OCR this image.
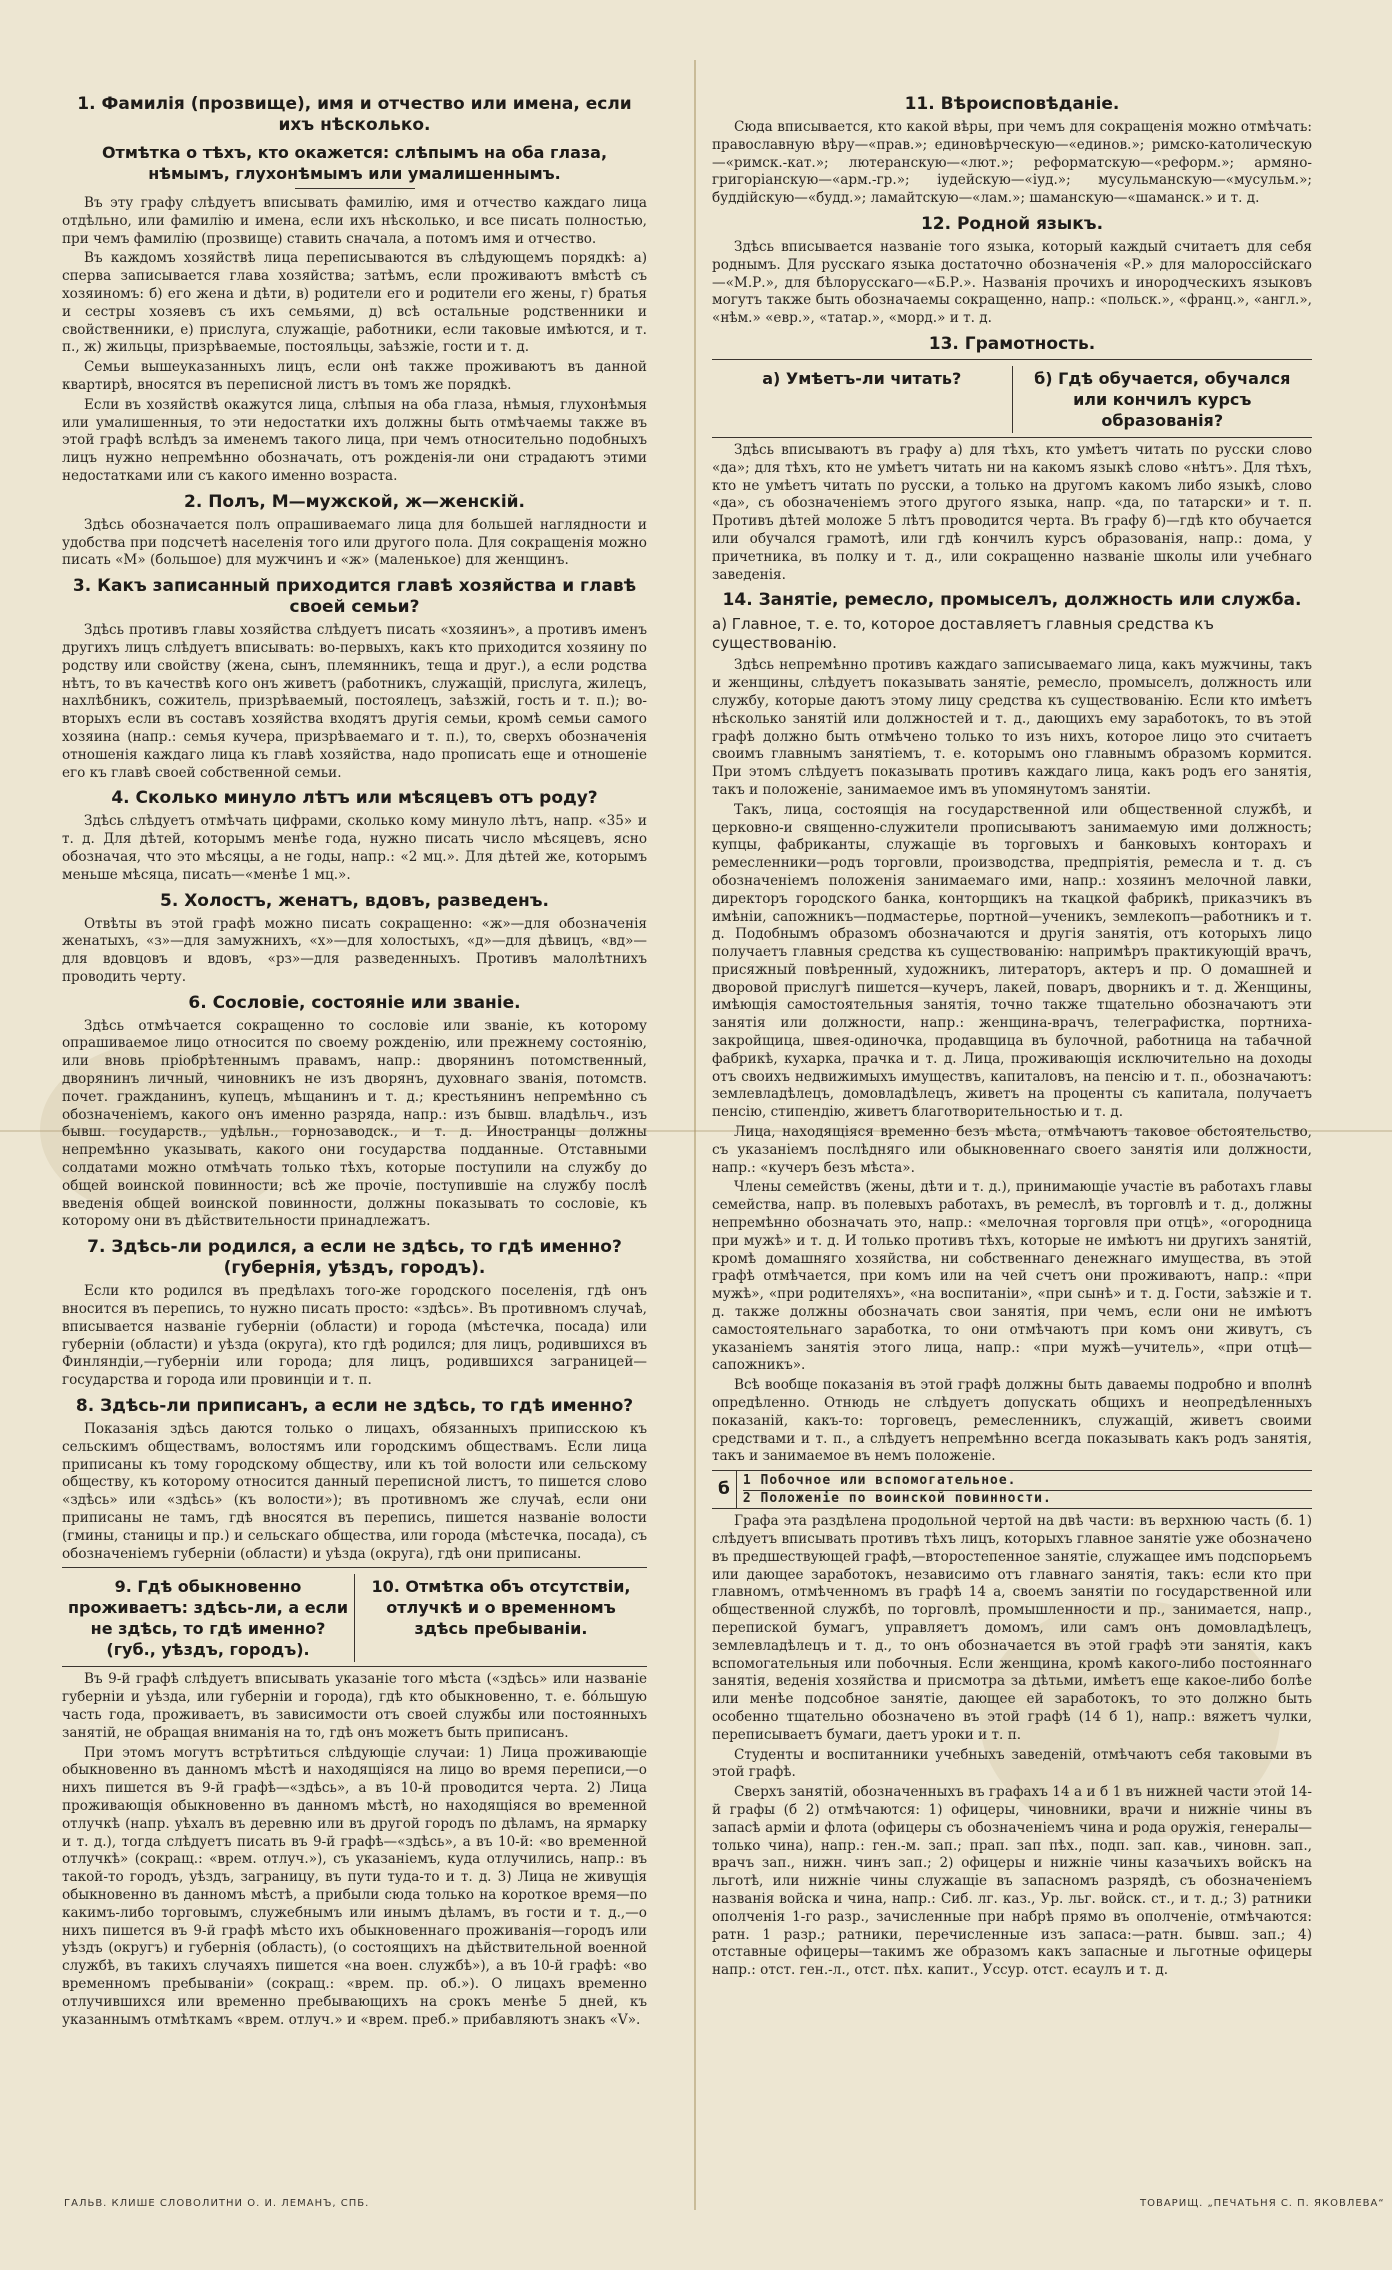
1. Фамилія (прозвище), имя и отчество или имена, если ихъ нѣсколько.
Отмѣтка о тѣхъ, кто окажется: слѣпымъ на оба глаза, нѣмымъ, глухонѣмымъ или умалишеннымъ.

Въ эту графу слѣдуетъ вписывать фамилію, имя и отчество каждаго лица отдѣльно, или фамилію и имена, если ихъ нѣсколько, и все писать полностью, при чемъ фамилію (прозвище) ставить сначала, а потомъ имя и отчество.

Въ каждомъ хозяйствѣ лица переписываются въ слѣдующемъ порядкѣ: а) сперва записывается глава хозяйства; затѣмъ, если проживаютъ вмѣстѣ съ хозяиномъ: б) его жена и дѣти, в) родители его и родители его жены, г) братья и сестры хозяевъ съ ихъ семьями, д) всѣ остальные родственники и свойственники, е) прислуга, служащіе, работники, если таковые имѣются, и т. п., ж) жильцы, призрѣваемые, постояльцы, заѣзжіе, гости и т. д.

Семьи вышеуказанныхъ лицъ, если онѣ также проживаютъ въ данной квартирѣ, вносятся въ переписной листъ въ томъ же порядкѣ.

Если въ хозяйствѣ окажутся лица, слѣпыя на оба глаза, нѣмыя, глухонѣмыя или умалишенныя, то эти недостатки ихъ должны быть отмѣчаемы также въ этой графѣ вслѣдъ за именемъ такого лица, при чемъ относительно подобныхъ лицъ нужно непремѣнно обозначать, отъ рожденія-ли они страдаютъ этими недостатками или съ какого именно возраста.

2. Полъ, М—мужской, ж—женскій.

Здѣсь обозначается полъ опрашиваемаго лица для большей наглядности и удобства при подсчетѣ населенія того или другого пола. Для сокращенія можно писать «М» (большое) для мужчинъ и «ж» (маленькое) для женщинъ.

3. Какъ записанный приходится главѣ хозяйства и главѣ своей семьи?

Здѣсь противъ главы хозяйства слѣдуетъ писать «хозяинъ», а противъ именъ другихъ лицъ слѣдуетъ вписывать: во-первыхъ, какъ кто приходится хозяину по родству или свойству (жена, сынъ, племянникъ, теща и друг.), а если родства нѣтъ, то въ качествѣ кого онъ живетъ (работникъ, служащій, прислуга, жилецъ, нахлѣбникъ, сожитель, призрѣваемый, постоялецъ, заѣзжій, гость и т. п.); во-вторыхъ если въ составъ хозяйства входятъ другія семьи, кромѣ семьи самого хозяина (напр.: семья кучера, призрѣваемаго и т. п.), то, сверхъ обозначенія отношенія каждаго лица къ главѣ хозяйства, надо прописать еще и отношеніе его къ главѣ своей собственной семьи.

4. Сколько минуло лѣтъ или мѣсяцевъ отъ роду?

Здѣсь слѣдуетъ отмѣчать цифрами, сколько кому минуло лѣтъ, напр. «35» и т. д. Для дѣтей, которымъ менѣе года, нужно писать число мѣсяцевъ, ясно обозначая, что это мѣсяцы, а не годы, напр.: «2 мц.». Для дѣтей же, которымъ меньше мѣсяца, писать—«менѣе 1 мц.».

5. Холостъ, женатъ, вдовъ, разведенъ.

Отвѣты въ этой графѣ можно писать сокращенно: «ж»—для обозначенія женатыхъ, «з»—для замужнихъ, «х»—для холостыхъ, «д»—для дѣвицъ, «вд»—для вдовцовъ и вдовъ, «рз»—для разведенныхъ. Противъ малолѣтнихъ проводить черту.

6. Сословіе, состояніе или званіе.

Здѣсь отмѣчается сокращенно то сословіе или званіе, къ которому опрашиваемое лицо относится по своему рожденію, или прежнему состоянію, или вновь пріобрѣтеннымъ правамъ, напр.: дворянинъ потомственный, дворянинъ личный, чиновникъ не изъ дворянъ, духовнаго званія, потомств. почет. гражданинъ, купецъ, мѣщанинъ и т. д.; крестьянинъ непремѣнно съ обозначеніемъ, какого онъ именно разряда, напр.: изъ бывш. владѣльч., изъ бывш. государств., удѣльн., горнозаводск., и т. д. Иностранцы должны непремѣнно указывать, какого они государства подданные. Отставными солдатами можно отмѣчать только тѣхъ, которые поступили на службу до общей воинской повинности; всѣ же прочіе, поступившіе на службу послѣ введенія общей воинской повинности, должны показывать то сословіе, къ которому они въ дѣйствительности принадлежатъ.

7. Здѣсь-ли родился, а если не здѣсь, то гдѣ именно? (губернія, уѣздъ, городъ).

Если кто родился въ предѣлахъ того-же городского поселенія, гдѣ онъ вносится въ перепись, то нужно писать просто: «здѣсь». Въ противномъ случаѣ, вписывается названіе губерніи (области) и города (мѣстечка, посада) или губерніи (области) и уѣзда (округа), кто гдѣ родился; для лицъ, родившихся въ Финляндіи,—губерніи или города; для лицъ, родившихся заграницей—государства и города или провинціи и т. п.

8. Здѣсь-ли приписанъ, а если не здѣсь, то гдѣ именно?

Показанія здѣсь даются только о лицахъ, обязанныхъ приписскою къ сельскимъ обществамъ, волостямъ или городскимъ обществамъ. Если лица приписаны къ тому городскому обществу, или къ той волости или сельскому обществу, къ которому относится данный переписной листъ, то пишется слово «здѣсь» или «здѣсь» (къ волости»); въ противномъ же случаѣ, если они приписаны не тамъ, гдѣ вносятся въ перепись, пишется названіе волости (гмины, станицы и пр.) и сельскаго общества, или города (мѣстечка, посада), съ обозначеніемъ губерніи (области) и уѣзда (округа), гдѣ они приписаны.

9. Гдѣ обыкновенно проживаетъ: здѣсь-ли, а если не здѣсь, то гдѣ именно? (губ., уѣздъ, городъ).
10. Отмѣтка объ отсутствіи, отлучкѣ и о временномъ здѣсь пребываніи.

Въ 9-й графѣ слѣдуетъ вписывать указаніе того мѣста («здѣсь» или названіе губерніи и уѣзда, или губерніи и города), гдѣ кто обыкновенно, т. е. бо́льшую часть года, проживаетъ, въ зависимости отъ своей службы или постоянныхъ занятій, не обращая вниманія на то, гдѣ онъ можетъ быть приписанъ.

При этомъ могутъ встрѣтиться слѣдующіе случаи: 1) Лица проживающіе обыкновенно въ данномъ мѣстѣ и находящіяся на лицо во время переписи,—о нихъ пишется въ 9-й графѣ—«здѣсь», а въ 10-й проводится черта. 2) Лица проживающія обыкновенно въ данномъ мѣстѣ, но находящіяся во временной отлучкѣ (напр. уѣхалъ въ деревню или въ другой городъ по дѣламъ, на ярмарку и т. д.), тогда слѣдуетъ писать въ 9-й графѣ—«здѣсь», а въ 10-й: «во временной отлучкѣ» (сокращ.: «врем. отлуч.»), съ указаніемъ, куда отлучились, напр.: въ такой-то городъ, уѣздъ, заграницу, въ пути туда-то и т. д. 3) Лица не живущія обыкновенно въ данномъ мѣстѣ, а прибыли сюда только на короткое время—по какимъ-либо торговымъ, служебнымъ или инымъ дѣламъ, въ гости и т. д.,—о нихъ пишется въ 9-й графѣ мѣсто ихъ обыкновеннаго проживанія—городъ или уѣздъ (округъ) и губернія (область), (о состоящихъ на дѣйствительной военной службѣ, въ такихъ случаяхъ пишется «на воен. службѣ»), а въ 10-й графѣ: «во временномъ пребываніи» (сокращ.: «врем. пр. об.»). О лицахъ временно отлучившихся или временно пребывающихъ на срокъ менѣе 5 дней, къ указаннымъ отмѣткамъ «врем. отлуч.» и «врем. преб.» прибавляютъ знакъ «V».

11. Вѣроисповѣданіе.

Сюда вписывается, кто какой вѣры, при чемъ для сокращенія можно отмѣчать: православную вѣру—«прав.»; единовѣрческую—«единов.»; римско-католическую—«римск.-кат.»; лютеранскую—«лют.»; реформатскую—«реформ.»; армяно-григоріанскую—«арм.-гр.»; іудейскую—«іуд.»; мусульманскую—«мусульм.»; буддійскую—«будд.»; ламайтскую—«лам.»; шаманскую—«шаманск.» и т. д.

12. Родной языкъ.

Здѣсь вписывается названіе того языка, который каждый считаетъ для себя роднымъ. Для русскаго языка достаточно обозначенія «Р.» для малороссійскаго—«М.Р.», для бѣлорусскаго—«Б.Р.». Названія прочихъ и инородческихъ языковъ могутъ также быть обозначаемы сокращенно, напр.: «польск.», «франц.», «англ.», «нѣм.» «евр.», «татар.», «морд.» и т. д.

13. Грамотность.
а) Умѣетъ-ли читать?	б) Гдѣ обучается, обучался или кончилъ курсъ образованія?

Здѣсь вписываютъ въ графу а) для тѣхъ, кто умѣетъ читать по русски слово «да»; для тѣхъ, кто не умѣетъ читать ни на какомъ языкѣ слово «нѣтъ». Для тѣхъ, кто не умѣетъ читать по русски, а только на другомъ какомъ либо языкѣ, слово «да», съ обозначеніемъ этого другого языка, напр. «да, по татарски» и т. п. Противъ дѣтей моложе 5 лѣтъ проводится черта. Въ графу б)—гдѣ кто обучается или обучался грамотѣ, или гдѣ кончилъ курсъ образованія, напр.: дома, у причетника, въ полку и т. д., или сокращенно названіе школы или учебнаго заведенія.

14. Занятіе, ремесло, промыселъ, должность или служба.
а) Главное, т. е. то, которое доставляетъ главныя средства къ существованію.

Здѣсь непремѣнно противъ каждаго записываемаго лица, какъ мужчины, такъ и женщины, слѣдуетъ показывать занятіе, ремесло, промыселъ, должность или службу, которые даютъ этому лицу средства къ существованію. Если кто имѣетъ нѣсколько занятій или должностей и т. д., дающихъ ему заработокъ, то въ этой графѣ должно быть отмѣчено только то изъ нихъ, которое лицо это считаетъ своимъ главнымъ занятіемъ, т. е. которымъ оно главнымъ образомъ кормится. При этомъ слѣдуетъ показывать противъ каждаго лица, какъ родъ его занятія, такъ и положеніе, занимаемое имъ въ упомянутомъ занятіи.

Такъ, лица, состоящія на государственной или общественной службѣ, и церковно-и священно-служители прописываютъ занимаемую ими должность; купцы, фабриканты, служащіе въ торговыхъ и банковыхъ конторахъ и ремесленники—родъ торговли, производства, предпріятія, ремесла и т. д. съ обозначеніемъ положенія занимаемаго ими, напр.: хозяинъ мелочной лавки, директоръ городского банка, конторщикъ на ткацкой фабрикѣ, приказчикъ въ имѣніи, сапожникъ—подмастерье, портной—ученикъ, землекопъ—работникъ и т. д. Подобнымъ образомъ обозначаются и другія занятія, отъ которыхъ лицо получаетъ главныя средства къ существованію: напримѣръ практикующій врачъ, присяжный повѣренный, художникъ, литераторъ, актеръ и пр. О домашней и дворовой прислугѣ пишется—кучеръ, лакей, поваръ, дворникъ и т. д. Женщины, имѣющія самостоятельныя занятія, точно также тщательно обозначаютъ эти занятія или должности, напр.: женщина-врачъ, телеграфистка, портниха-закройщица, швея-одиночка, продавщица въ булочной, работница на табачной фабрикѣ, кухарка, прачка и т. д. Лица, проживающія исключительно на доходы отъ своихъ недвижимыхъ имуществъ, капиталовъ, на пенсію и т. п., обозначаютъ: землевладѣлецъ, домовладѣлецъ, живетъ на проценты съ капитала, получаетъ пенсію, стипендію, живетъ благотворительностью и т. д.

Лица, находящіяся временно безъ мѣста, отмѣчаютъ таковое обстоятельство, съ указаніемъ послѣдняго или обыкновеннаго своего занятія или должности, напр.: «кучеръ безъ мѣста».

Члены семействъ (жены, дѣти и т. д.), принимающіе участіе въ работахъ главы семейства, напр. въ полевыхъ работахъ, въ ремеслѣ, въ торговлѣ и т. д., должны непремѣнно обозначать это, напр.: «мелочная торговля при отцѣ», «огородница при мужѣ» и т. д. И только противъ тѣхъ, которые не имѣютъ ни другихъ занятій, кромѣ домашняго хозяйства, ни собственнаго денежнаго имущества, въ этой графѣ отмѣчается, при комъ или на чей счетъ они проживаютъ, напр.: «при мужѣ», «при родителяхъ», «на воспитаніи», «при сынѣ» и т. д. Гости, заѣзжіе и т. д. также должны обозначать свои занятія, при чемъ, если они не имѣютъ самостоятельнаго заработка, то они отмѣчаютъ при комъ они живутъ, съ указаніемъ занятія этого лица, напр.: «при мужѣ—учитель», «при отцѣ—сапожникъ».

Всѣ вообще показанія въ этой графѣ должны быть даваемы подробно и вполнѣ опредѣленно. Отнюдь не слѣдуетъ допускать общихъ и неопредѣленныхъ показаній, какъ-то: торговецъ, ремесленникъ, служащій, живетъ своими средствами и т. п., а слѣдуетъ непремѣнно всегда показывать какъ родъ занятія, такъ и занимаемое въ немъ положеніе.

б 1 Побочное или вспомогательное.
2 Положеніе по воинской повинности.

Графа эта раздѣлена продольной чертой на двѣ части: въ верхнюю часть (б. 1) слѣдуетъ вписывать противъ тѣхъ лицъ, которыхъ главное занятіе уже обозначено въ предшествующей графѣ,—второстепенное занятіе, служащее имъ подспорьемъ или дающее заработокъ, независимо отъ главнаго занятія, такъ: если кто при главномъ, отмѣченномъ въ графѣ 14 а, своемъ занятіи по государственной или общественной службѣ, по торговлѣ, промышленности и пр., занимается, напр., перепиской бумагъ, управляетъ домомъ, или самъ онъ домовладѣлецъ, землевладѣлецъ и т. д., то онъ обозначается въ этой графѣ эти занятія, какъ вспомогательныя или побочныя. Если женщина, кромѣ какого-либо постояннаго занятія, веденія хозяйства и присмотра за дѣтьми, имѣетъ еще какое-либо болѣе или менѣе подсобное занятіе, дающее ей заработокъ, то это должно быть особенно тщательно обозначено въ этой графѣ (14 б 1), напр.: вяжетъ чулки, переписываетъ бумаги, даетъ уроки и т. п.

Студенты и воспитанники учебныхъ заведеній, отмѣчаютъ себя таковыми въ этой графѣ.

Сверхъ занятій, обозначенныхъ въ графахъ 14 а и б 1 въ нижней части этой 14-й графы (б 2) отмѣчаются: 1) офицеры, чиновники, врачи и нижніе чины въ запасѣ арміи и флота (офицеры съ обозначеніемъ чина и рода оружія, генералы—только чина), напр.: ген.-м. зап.; прап. зап пѣх., подп. зап. кав., чиновн. зап., врачъ зап., нижн. чинъ зап.; 2) офицеры и нижніе чины казачьихъ войскъ на льготѣ, или нижніе чины служащіе въ запасномъ разрядѣ, съ обозначеніемъ названія войска и чина, напр.: Сиб. лг. каз., Ур. льг. войск. ст., и т. д.; 3) ратники ополченія 1-го разр., зачисленные при набрѣ прямо въ ополченіе, отмѣчаются: ратн. 1 разр.; ратники, перечисленные изъ запаса:—ратн. бывш. зап.; 4) отставные офицеры—такимъ же образомъ какъ запасные и льготные офицеры напр.: отст. ген.-л., отст. пѣх. капит., Уссур. отст. есаулъ и т. д.

ГАЛЬВ. КЛИШЕ СЛОВОЛИТНИ О. И. ЛЕМАНЪ, СПБ.	ТОВАРИЩ. „ПЕЧАТЬНЯ С. П. ЯКОВЛЕВА“
